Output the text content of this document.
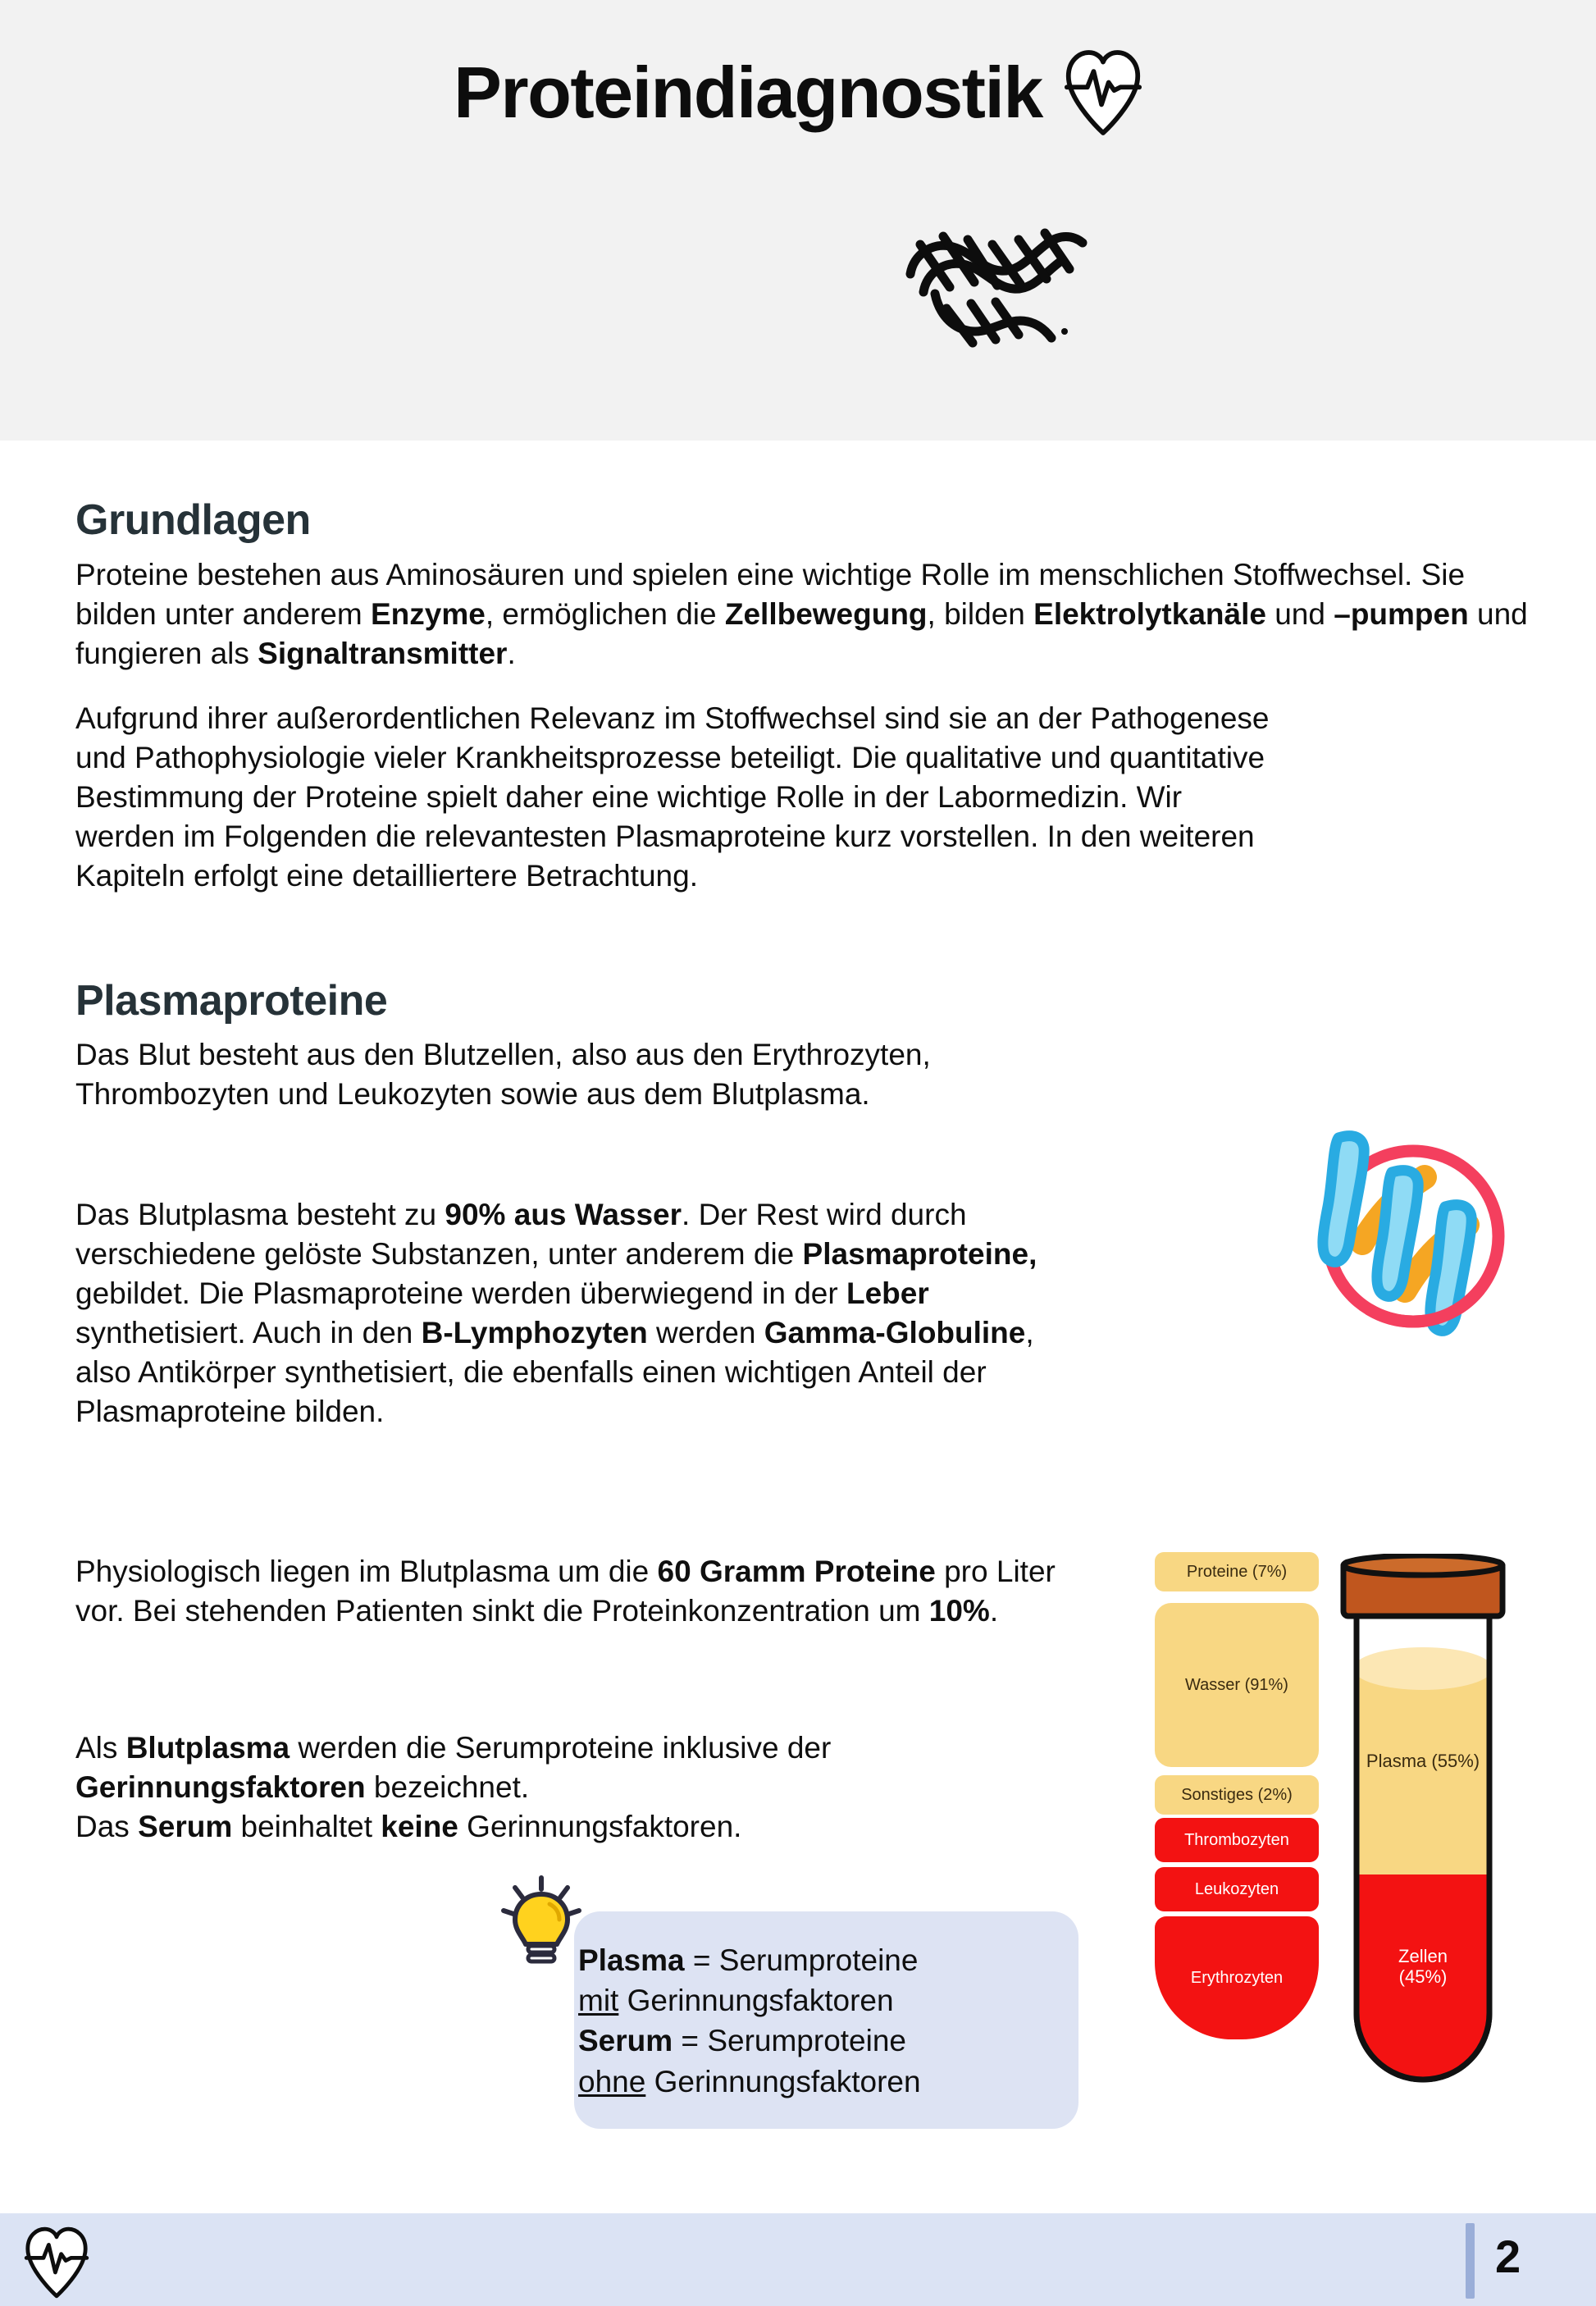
Proteindiagnostik
Grundlagen

Proteine bestehen aus Aminosäuren und spielen eine wichtige Rolle im menschlichen Stoffwechsel. Sie bilden unter anderem Enzyme, ermöglichen die Zellbewegung, bilden Elektrolytkanäle und –pumpen und fungieren als Signaltransmitter.

Aufgrund ihrer außerordentlichen Relevanz im Stoffwechsel sind sie an der Pathogenese und Pathophysiologie vieler Krankheitsprozesse beteiligt. Die qualitative und quantitative Bestimmung der Proteine spielt daher eine wichtige Rolle in der Labormedizin. Wir werden im Folgenden die relevantesten Plasmaproteine kurz vorstellen. In den weiteren Kapiteln erfolgt eine detailliertere Betrachtung.

Plasmaproteine

Das Blut besteht aus den Blutzellen, also aus den Erythrozyten, Thrombozyten und Leukozyten sowie aus dem Blutplasma.

Das Blutplasma besteht zu 90% aus Wasser. Der Rest wird durch verschiedene gelöste Substanzen, unter anderem die Plasmaproteine, gebildet. Die Plasmaproteine werden überwiegend in der Leber synthetisiert. Auch in den B-Lymphozyten werden Gamma-Globuline, also Antikörper synthetisiert, die ebenfalls einen wichtigen Anteil der Plasmaproteine bilden.

Physiologisch liegen im Blutplasma um die 60 Gramm Proteine pro Liter vor. Bei stehenden Patienten sinkt die Proteinkonzentration um 10%.

Als Blutplasma werden die Serumproteine inklusive der Gerinnungsfaktoren bezeichnet.
Das Serum beinhaltet keine Gerinnungsfaktoren.

Proteine (7%)
Wasser (91%)
Sonstiges (2%)
Thrombozyten
Leukozyten
Erythrozyten
Plasma (55%)
Zellen
(45%)
Plasma = Serumproteine
mit Gerinnungsfaktoren
Serum = Serumproteine
ohne Gerinnungsfaktoren
2
